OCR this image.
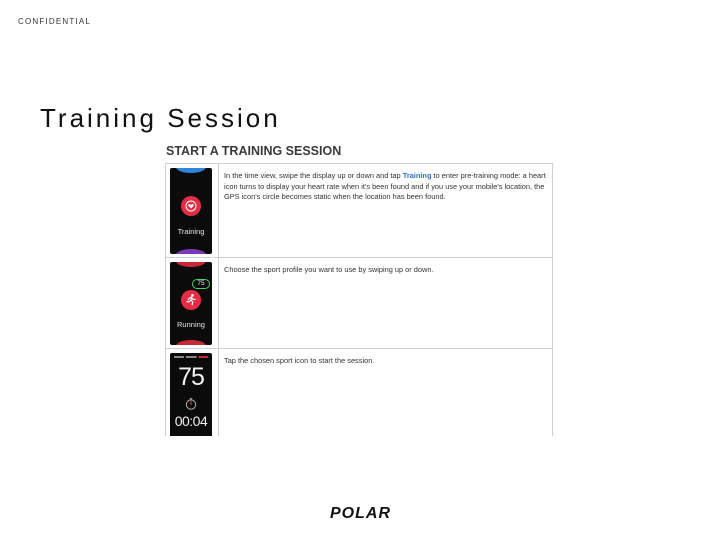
CONFIDENTIAL
Training Session
START A TRAINING SESSION
Training
In the time view, swipe the display up or down and tap Training to enter pre-training mode: a heart icon turns to display your heart rate when it's been found and if you use your mobile's location, the GPS icon's circle becomes static when the location has been found.
75
Running
Choose the sport profile you want to use by swiping up or down.
75
00:04
Tap the chosen sport icon to start the session.
POLAR
